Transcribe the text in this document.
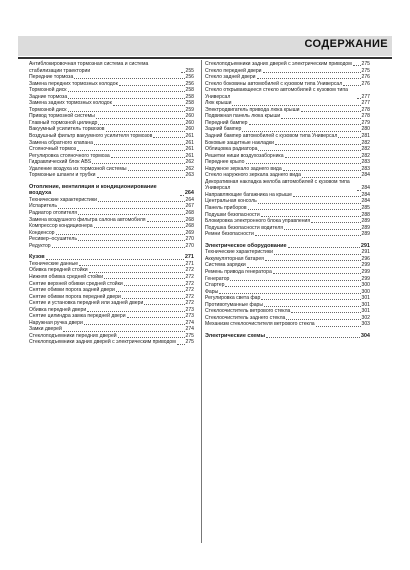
СОДЕРЖАНИЕ
Антиблокировочная тормозная система и система стабилизации траектории	255
Передние тормоза	256
Замена передних тормозных колодок	256
Тормозной диск	258
Задние тормоза	258
Замена задних тормозных колодок	258
Тормозной диск	259
Привод тормозной системы	260
Главный тормозной цилиндр	260
Вакуумный усилитель тормозов	260
Воздушный фильтр вакуумного усилителя тормозов	261
Замена обратного клапана	261
Стояночный тормоз	261
Регулировка стояночного тормоза	261
Гидравлический блок ABS	262
Удаление воздуха из тормозной системы	262
Тормозные шланги и трубки	263
Отопление, вентиляция и кондиционирование воздуха	264
Технические характеристики	264
Испаритель	267
Радиатор отопителя	268
Замена воздушного фильтра салона автомобиля	268
Компрессор кондиционера	268
Конденсор	269
Ресивер–осушитель	270
Редуктор	270
Кузов	271
Технические данные	271
Обивка передней стойки	272
Нижняя обивка средней стойки	272
Снятие верхней обивки средней стойки	272
Снятие обивки порога задней двери	272
Снятие обивки порога передней двери	272
Снятие и установка передней или задней двери	272
Обивка передней двери	273
Снятие цилиндра замка передней двери	273
Наружная ручка двери	274
Замки дверей	274
Стеклоподъемники передних дверей	275
Стеклоподъемники задних дверей с электрическим приводом 275
Стеклоподъемники задних дверей с электрическим приводом 275
Стекло передней двери	275
Стекло задней двери	276
Стекло боковины автомобилей с кузовом типа Универсал	276
Стекло открывающееся стекло автомобилей с кузовом типа Универсал	277
Люк крыши	277
Электродвигатель привода люка крыши	278
Подвижная панель люка крыши	278
Передний бампер	279
Задний бампер	280
Задний бампер автомобилей с кузовом типа Универсал	281
Боковые защитные накладки	282
Облицовка радиатора	282
Решетки ниши воздухозаборника	282
Переднее крыло	283
Наружное зеркало заднего вида	283
Стекло наружного зеркала заднего вида	284
Декоративная накладка желоба автомобилей с кузовом типа Универсал	284
Направляющие багажника на крыше	284
Центральная консоль	284
Панель приборов	285
Подушки безопасности	288
Блокировка электронного блока управления	289
Подушка безопасности водителя	289
Ремни безопасности	289
Электрическое оборудование	291
Технические характеристики	291
Аккумуляторная батарея	296
Система зарядки	299
Ремень привода генератора	299
Генератор	299
Стартер	300
Фары	300
Регулировка света фар	301
Противотуманные фары	301
Стеклоочиститель ветрового стекла	301
Стеклоочиститель заднего стекла	302
Механизм стеклоочистителя ветрового стекла	303
Электрические схемы	304
